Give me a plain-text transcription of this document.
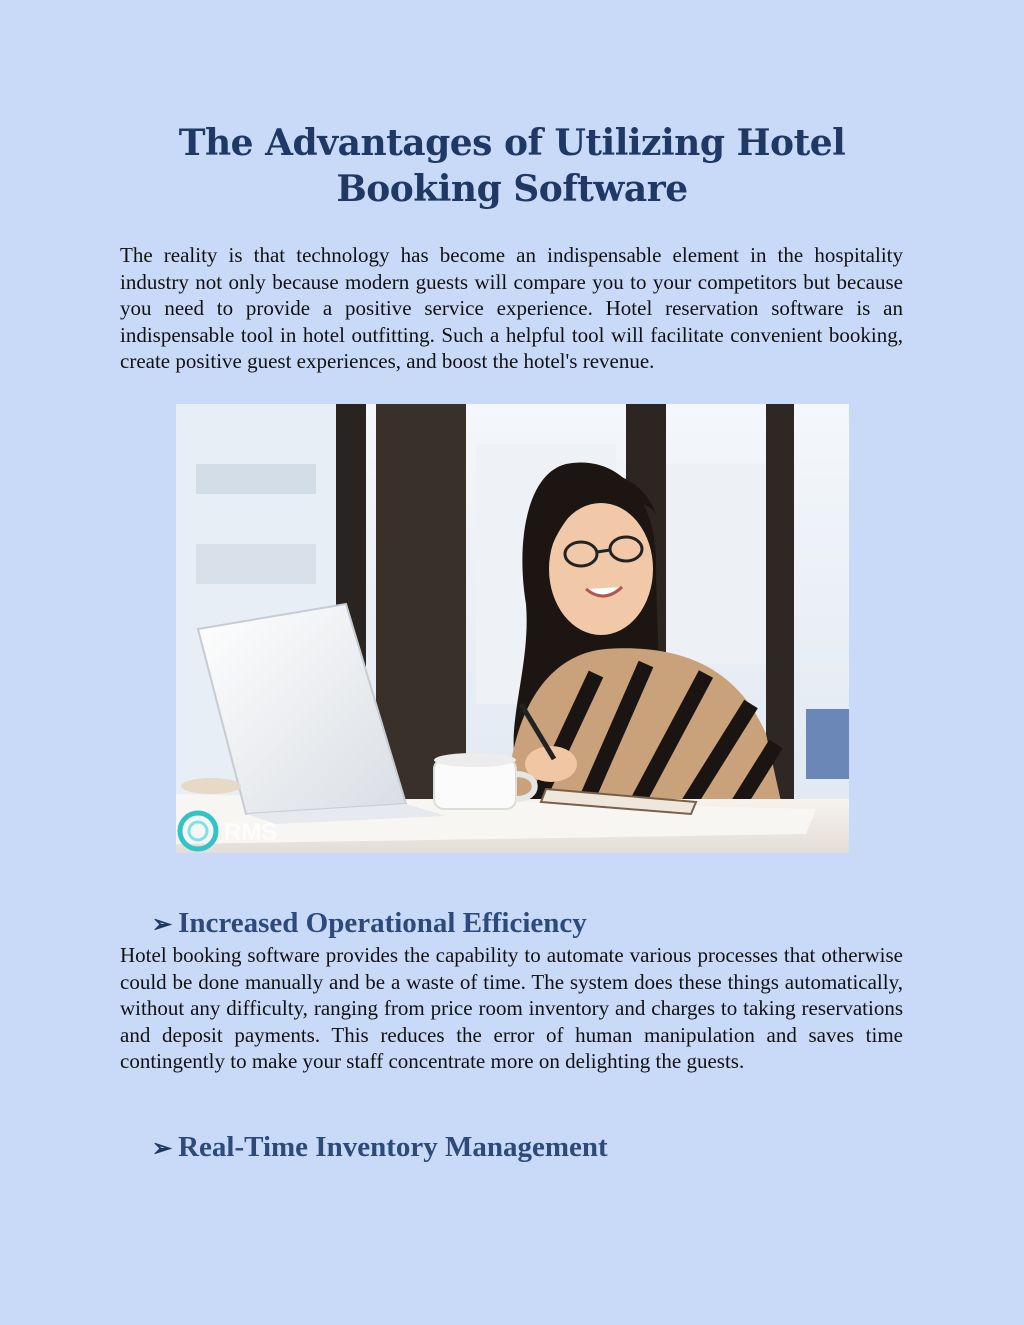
The Advantages of Utilizing Hotel Booking Software

The reality is that technology has become an indispensable element in the hospitality industry not only because modern guests will compare you to your competitors but because you need to provide a positive service experience. Hotel reservation software is an indispensable tool in hotel outfitting. Such a helpful tool will facilitate convenient booking, create positive guest experiences, and boost the hotel's revenue.

RMS
➢ Increased Operational Efficiency

Hotel booking software provides the capability to automate various processes that otherwise could be done manually and be a waste of time. The system does these things automatically, without any difficulty, ranging from price room inventory and charges to taking reservations and deposit payments. This reduces the error of human manipulation and saves time contingently to make your staff concentrate more on delighting the guests.

➢ Real-Time Inventory Management
